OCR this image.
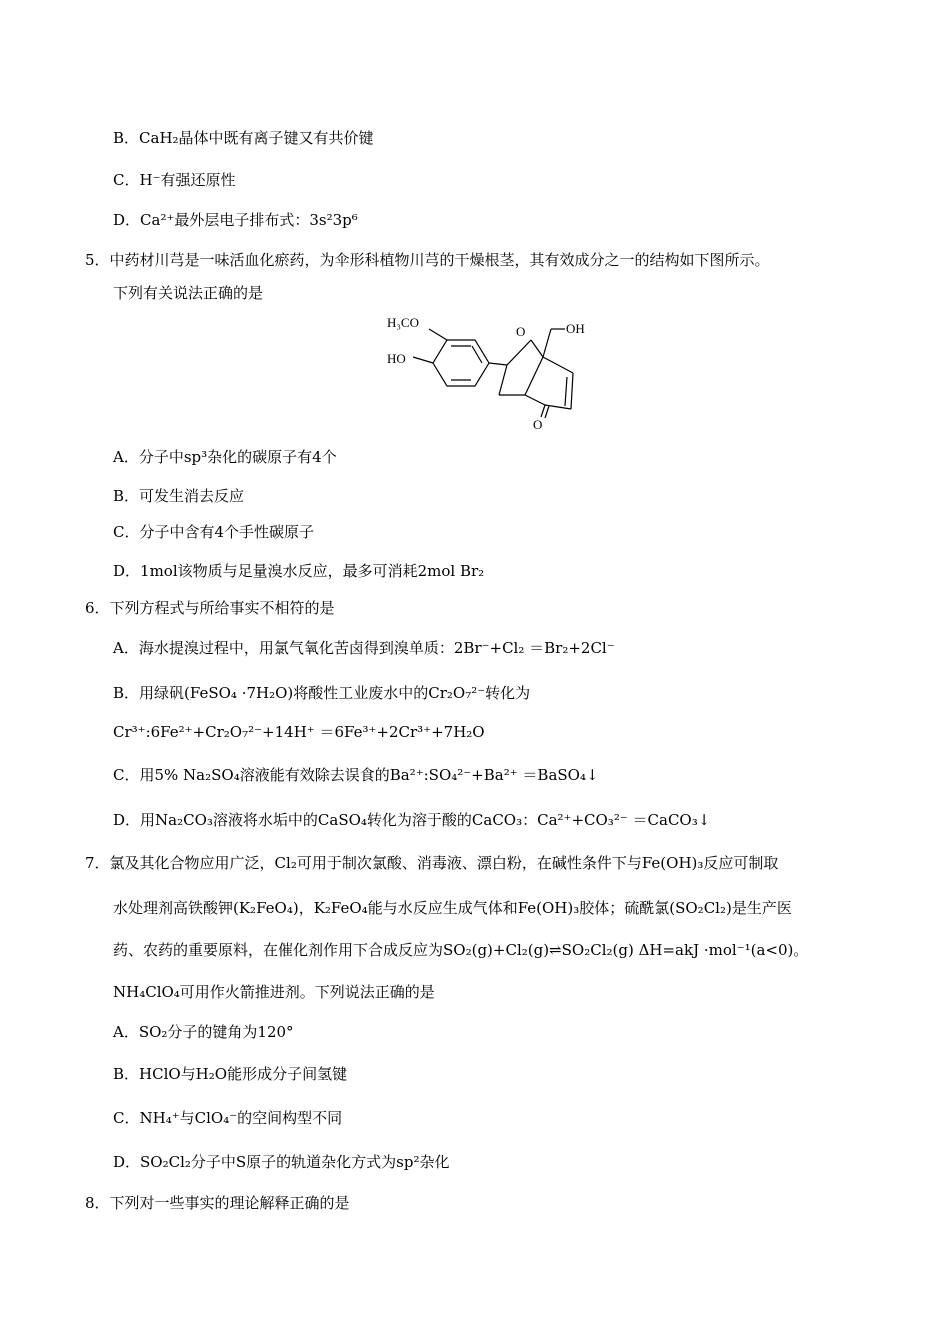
B．CaH₂晶体中既有离子键又有共价键
C．H⁻有强还原性
D．Ca²⁺最外层电子排布式：3s²3p⁶
5．中药材川芎是一味活血化瘀药，为伞形科植物川芎的干燥根茎，其有效成分之一的结构如下图所示。
下列有关说法正确的是
H₃CO
HO
O	OH
O
A．分子中sp³杂化的碳原子有4个
B．可发生消去反应
C．分子中含有4个手性碳原子
D．1mol该物质与足量溴水反应，最多可消耗2mol Br₂
6．下列方程式与所给事实不相符的是
A．海水提溴过程中，用氯气氧化苦卤得到溴单质：2Br⁻+Cl₂ ＝Br₂+2Cl⁻
B．用绿矾(FeSO₄ ·7H₂O)将酸性工业废水中的Cr₂O₇²⁻转化为
Cr³⁺:6Fe²⁺+Cr₂O₇²⁻+14H⁺ ＝6Fe³⁺+2Cr³⁺+7H₂O
C．用5% Na₂SO₄溶液能有效除去误食的Ba²⁺:SO₄²⁻+Ba²⁺ ＝BaSO₄↓
D．用Na₂CO₃溶液将水垢中的CaSO₄转化为溶于酸的CaCO₃：Ca²⁺+CO₃²⁻ ＝CaCO₃↓
7．氯及其化合物应用广泛，Cl₂可用于制次氯酸、消毒液、漂白粉，在碱性条件下与Fe(OH)₃反应可制取
水处理剂高铁酸钾(K₂FeO₄)，K₂FeO₄能与水反应生成气体和Fe(OH)₃胶体；硫酰氯(SO₂Cl₂)是生产医
药、农药的重要原料，在催化剂作用下合成反应为SO₂(g)+Cl₂(g)⇌SO₂Cl₂(g) ΔH=akJ ·mol⁻¹(a<0)。
NH₄ClO₄可用作火箭推进剂。下列说法正确的是
A．SO₂分子的键角为120°
B．HClO与H₂O能形成分子间氢键
C．NH₄⁺与ClO₄⁻的空间构型不同
D．SO₂Cl₂分子中S原子的轨道杂化方式为sp²杂化
8．下列对一些事实的理论解释正确的是
